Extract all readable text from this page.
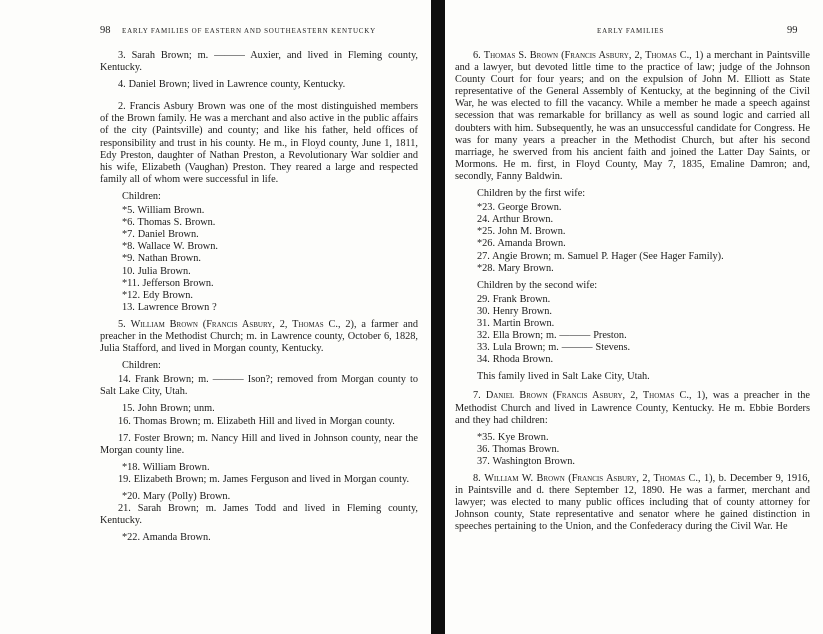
98 EARLY FAMILIES OF EASTERN AND SOUTHEASTERN KENTUCKY

3. Sarah Brown; m. ——— Auxier, and lived in Fleming county, Kentucky.

4. Daniel Brown; lived in Lawrence county, Kentucky.

2. Francis Asbury Brown was one of the most distinguished members of the Brown family. He was a merchant and also active in the public affairs of the city (Paintsville) and county; and like his father, held offices of responsibility and trust in his county. He m., in Floyd county, June 1, 1811, Edy Preston, daughter of Nathan Preston, a Revolutionary War soldier and his wife, Elizabeth (Vaughan) Preston. They reared a large and respected family all of whom were successful in life.

Children:

*5. William Brown.

*6. Thomas S. Brown.

*7. Daniel Brown.

*8. Wallace W. Brown.

*9. Nathan Brown.

10. Julia Brown.

*11. Jefferson Brown.

*12. Edy Brown.

13. Lawrence Brown ?

5. William Brown (Francis Asbury, 2, Thomas C., 2), a farmer and preacher in the Methodist Church; m. in Lawrence county, October 6, 1828, Julia Stafford, and lived in Morgan county, Kentucky.

Children:

14. Frank Brown; m. ——— Ison?; removed from Morgan county to Salt Lake City, Utah.

15. John Brown; unm.

16. Thomas Brown; m. Elizabeth Hill and lived in Morgan county.

17. Foster Brown; m. Nancy Hill and lived in Johnson county, near the Morgan county line.

*18. William Brown.

19. Elizabeth Brown; m. James Ferguson and lived in Morgan county.

*20. Mary (Polly) Brown.

21. Sarah Brown; m. James Todd and lived in Fleming county, Kentucky.

*22. Amanda Brown.

EARLY FAMILIES	99

6. Thomas S. Brown (Francis Asbury, 2, Thomas C., 1) a merchant in Paintsville and a lawyer, but devoted little time to the practice of law; judge of the Johnson County Court for four years; and on the expulsion of John M. Elliott as State representative of the General Assembly of Kentucky, at the beginning of the Civil War, he was elected to fill the vacancy. While a member he made a speech against secession that was remarkable for brillancy as well as sound logic and carried all doubters with him. Subsequently, he was an unsuccessful candidate for Congress. He was for many years a preacher in the Methodist Church, but after his second marriage, he swerved from his ancient faith and joined the Latter Day Saints, or Mormons. He m. first, in Floyd County, May 7, 1835, Emaline Damron; and, secondly, Fanny Baldwin.

Children by the first wife:

*23. George Brown.

24. Arthur Brown.

*25. John M. Brown.

*26. Amanda Brown.

27. Angie Brown; m. Samuel P. Hager (See Hager Family).

*28. Mary Brown.

Children by the second wife:

29. Frank Brown.

30. Henry Brown.

31. Martin Brown.

32. Ella Brown; m. ——— Preston.

33. Lula Brown; m. ——— Stevens.

34. Rhoda Brown.

This family lived in Salt Lake City, Utah.

7. Daniel Brown (Francis Asbury, 2, Thomas C., 1), was a preacher in the Methodist Church and lived in Lawrence County, Kentucky. He m. Ebbie Borders and they had children:

*35. Kye Brown.

36. Thomas Brown.

37. Washington Brown.

8. William W. Brown (Francis Asbury, 2, Thomas C., 1), b. December 9, 1916, in Paintsville and d. there September 12, 1890. He was a farmer, merchant and lawyer; was elected to many public offices including that of county attorney for Johnson county, State representative and senator where he gained distinction in speeches pertaining to the Union, and the Confederacy during the Civil War. He
